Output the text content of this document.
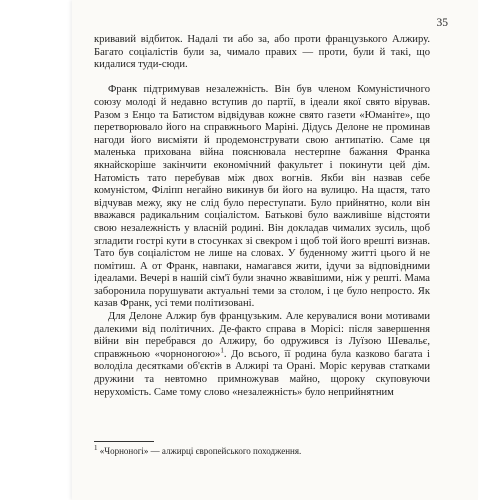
35

кривавий відбиток. Надалі ти або за, або проти французького Алжиру. Багато соціалістів були за, чимало правих — проти, були й такі, що кидалися туди-сюди.

Франк підтримував незалежність. Він був членом Комуністичного союзу молоді й недавно вступив до партії, в ідеали якої свято вірував. Разом з Енцо та Батистом відвідував кожне свято газети «Юманіте», що перетворювало його на справжнього Маріні. Дідусь Делоне не проминав нагоди його висміяти й продемонструвати свою антипатію. Саме ця маленька прихована війна пояснювала нестерпне бажання Франка якнайскоріше закінчити економічний факультет і покинути цей дім. Натомість тато перебував між двох вогнів. Якби він назвав себе комуністом, Філіпп негайно викинув би його на вулицю. На щастя, тато відчував межу, яку не слід було переступати. Було прийнятно, коли він вважався радикальним соціалістом. Батькові було важливіше відстояти свою незалежність у власній родині. Він докладав чималих зусиль, щоб згладити гострі кути в стосунках зі свекром і щоб той його врешті визнав. Тато був соціалістом не лише на словах. У буденному житті цього й не помітиш. А от Франк, навпаки, намагався жити, ідучи за відповідними ідеалами. Вечері в нашій сім'ї були значно жвавішими, ніж у решті. Мама заборонила порушувати актуальні теми за столом, і це було непросто. Як казав Франк, усі теми політизовані.

Для Делоне Алжир був французьким. Але керувалися вони мотивами далекими від політичних. Де-факто справа в Морісі: після завершення війни він перебрався до Алжиру, бо одружився із Луїзою Шевальє, справжньою «чорноногою»$^1$. До всього, її родина була казково багата і володіла десятками об'єктів в Алжирі та Орані. Моріс керував статками дружини та невтомно примножував майно, щороку скуповуючи нерухомість. Саме тому слово «незалежність» було неприйнятним

$^1$ «Чорноногі» — алжирці європейського походження.
